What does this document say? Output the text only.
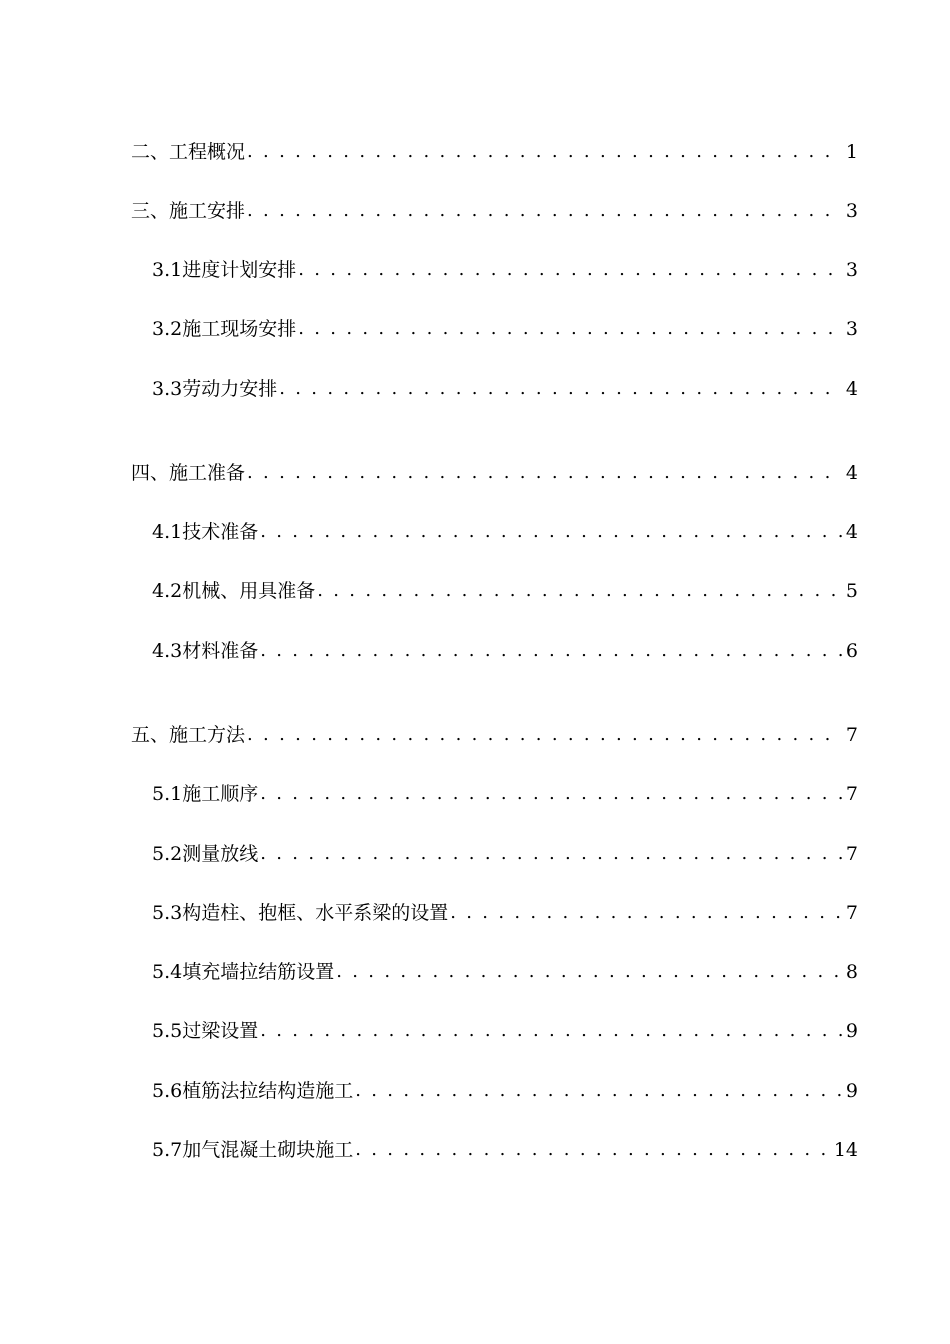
二、工程概况 . . .	1
三、施工安排 . . .	3
3.1进度计划安排 . . .	3
3.2施工现场安排 . . .	3
3.3劳动力安排 . . .	4
四、施工准备 . . .	4
4.1技术准备 . . .	4
4.2机械、用具准备 . . .	5
4.3材料准备 . . .	6
五、施工方法 . . .	7
5.1施工顺序 . . .	7
5.2测量放线 . . .	7
5.3构造柱、抱框、水平系梁的设置 . . .	7
5.4填充墙拉结筋设置 . . .	8
5.5过梁设置 . . .	9
5.6植筋法拉结构造施工 . . .	9
5.7加气混凝土砌块施工 . . .	14
